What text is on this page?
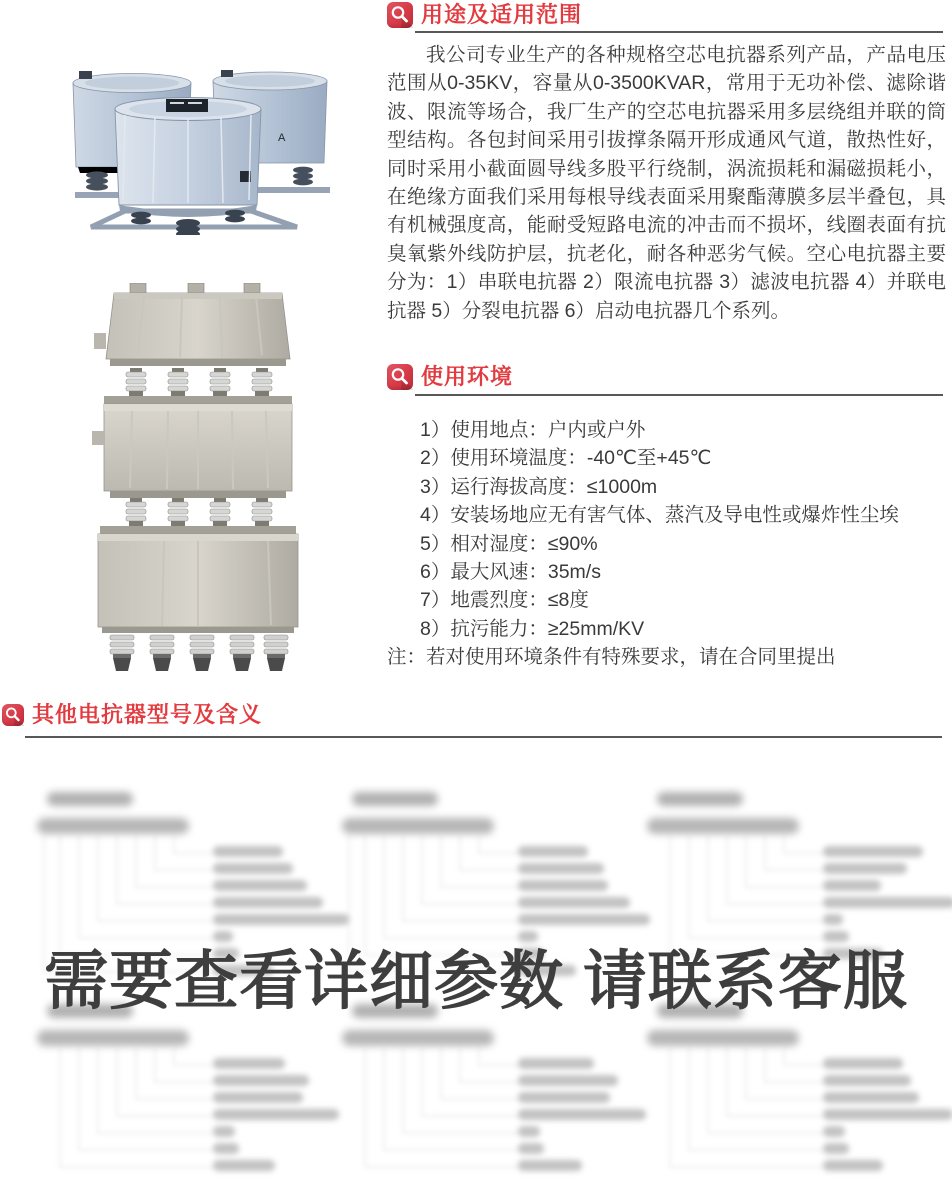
A
用途及适用范围
我公司专业生产的各种规格空芯电抗器系列产品，产品电压范围从0-35KV，容量从0-3500KVAR，常用于无功补偿、滤除谐波、限流等场合，我厂生产的空芯电抗器采用多层绕组并联的筒型结构。各包封间采用引拔撑条隔开形成通风气道，散热性好，同时采用小截面圆导线多股平行绕制，涡流损耗和漏磁损耗小，在绝缘方面我们采用每根导线表面采用聚酯薄膜多层半叠包，具有机械强度高，能耐受短路电流的冲击而不损坏，线圈表面有抗臭氧紫外线防护层，抗老化，耐各种恶劣气候。空心电抗器主要分为：1）串联电抗器 2）限流电抗器 3）滤波电抗器 4）并联电抗器 5）分裂电抗器 6）启动电抗器几个系列。
使用环境
1）使用地点：户内或户外
2）使用环境温度：-40℃至+45℃
3）运行海拔高度：≤1000m
4）安装场地应无有害气体、蒸汽及导电性或爆炸性尘埃
5）相对湿度：≤90%
6）最大风速：35m/s
7）地震烈度：≤8度
8）抗污能力：≥25mm/KV
注：若对使用环境条件有特殊要求，请在合同里提出
其他电抗器型号及含义
需要查看详细参数 请联系客服
